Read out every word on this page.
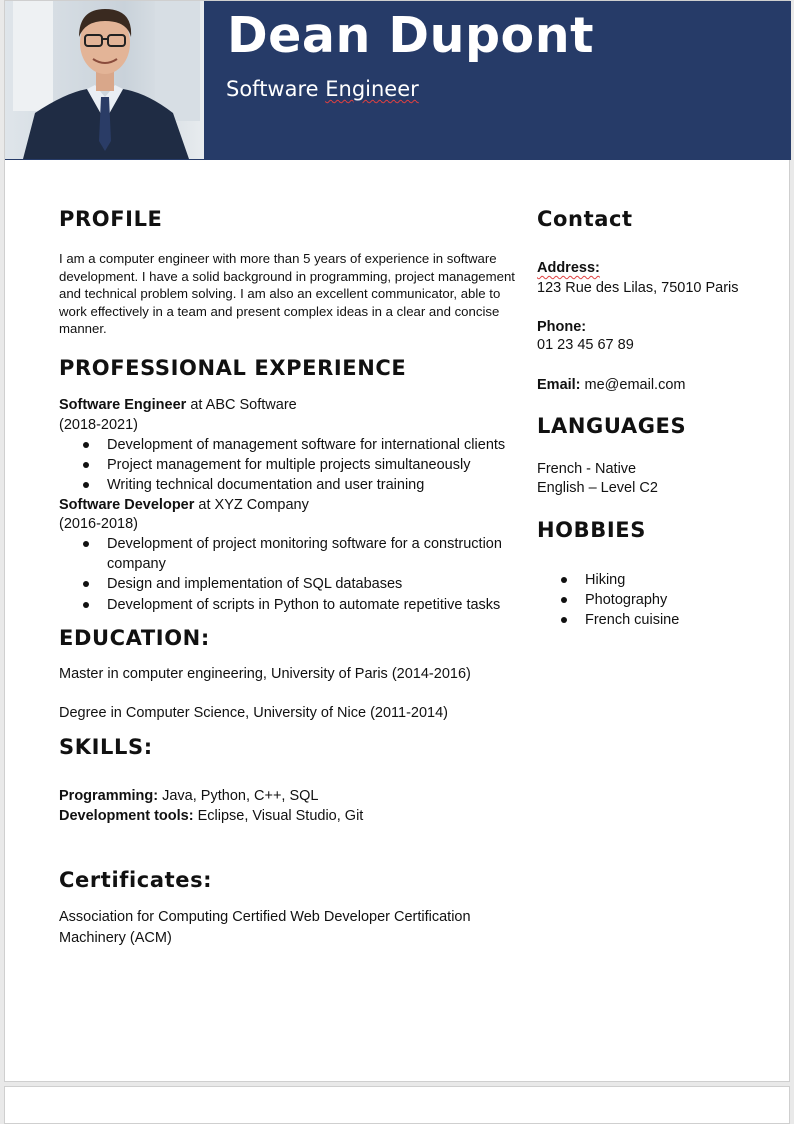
Dean Dupont
Software Engineer
PROFILE
I am a computer engineer with more than 5 years of experience in software development. I have a solid background in programming, project management and technical problem solving. I am also an excellent communicator, able to work effectively in a team and present complex ideas in a clear and concise manner.
PROFESSIONAL EXPERIENCE
Software Engineer at ABC Software
(2018-2021)
Development of management software for international clients
Project management for multiple projects simultaneously
Writing technical documentation and user training
Software Developer at XYZ Company
(2016-2018)
Development of project monitoring software for a construction company
Design and implementation of SQL databases
Development of scripts in Python to automate repetitive tasks
EDUCATION:
Master in computer engineering, University of Paris (2014-2016)
Degree in Computer Science, University of Nice (2011-2014)
SKILLS:
Programming: Java, Python, C++, SQL
Development tools: Eclipse, Visual Studio, Git
Certificates:
Association for Computing Certified Web Developer Certification
Machinery (ACM)
Contact
Address:
123 Rue des Lilas, 75010 Paris
Phone:
01 23 45 67 89
Email: me@email.com
LANGUAGES
French - Native
English – Level C2
HOBBIES
Hiking
Photography
French cuisine
